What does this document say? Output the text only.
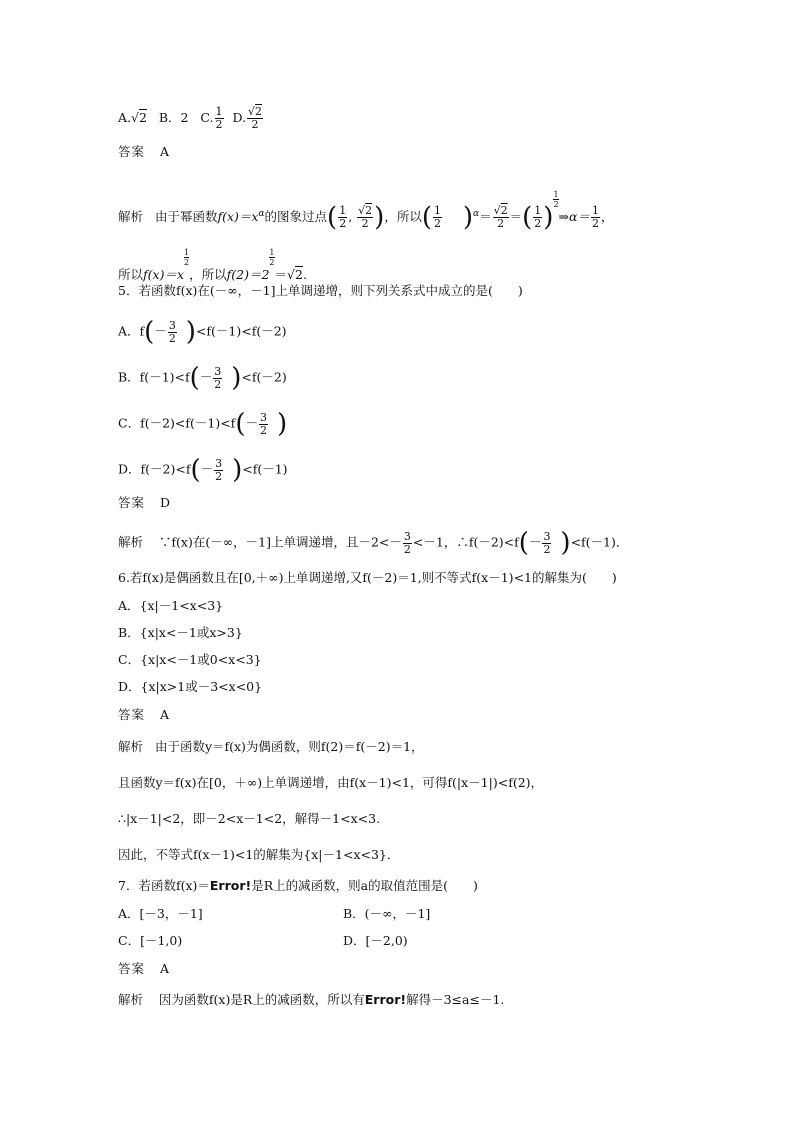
A.√2 B．2 C. $\frac{1}{2} D$. $\frac{√2}{2}$
答案 A
解析 由于幂函数$f(x)=x^\alpha$的图象过点( $\frac{1}{2}$ , $\frac{√2}{2}$ )，所以( $\frac{1}{2} )^\alpha= \frac{√2}{2}$ ＝( $\frac{1}{2}$ )
$\frac{1}{2}$
⇒α＝ $\frac{1}{2}$ ，
所以f(x)＝x
$\frac{1}{2}$
，所以f(2)＝2
$\frac{1}{2}$
＝√2.
5．若函数f(x)在(－∞，－1]上单调递增，则下列关系式中成立的是(　　)
A．$f(- \frac{3}{2} )<f(-1)<f(-2)$
B．$f(-1)<f(- \frac{3}{2} )<f(-2)$
C．$f(-2)<f(-1)<f(- \frac{3}{2}$ )
D．$f(-2)<f(- \frac{3}{2} )<f(-1)$
答案 D
解析 ∵f(x)在(－∞，－1]上单调递增，且$-2<- \frac{3}{2} <-1$，∴f(－2)<f(－ $\frac{3}{2} )<f(-1)$．
6.若f(x)是偶函数且在[0,＋∞)上单调递增,又f(－2)＝1,则不等式f(x－1)<1的解集为(　　)
A．{x|－1<x<3}
B．{x|x<－1或x>3}
C．{x|x<－1或0<x<3}
D．{x|x>1或－3<x<0}
答案 A
解析 由于函数y＝f(x)为偶函数，则f(2)＝f(－2)＝1，
且函数y＝f(x)在[0，＋∞)上单调递增，由f(x－1)<1，可得f(|x－1|)<f(2)，
∴|x－1|<2，即－2<x－1<2，解得－1<x<3.
因此，不等式f(x－1)<1的解集为{x|－1<x<3}．
7．若函数f(x)＝Error!是R上的减函数，则a的取值范围是(　　)
A．[－3，－1]	B．(－∞，－1]
C．[－1,0)	D．[－2,0)
答案 A
解析 因为函数f(x)是R上的减函数，所以有Error!解得－3≤a≤－1.
